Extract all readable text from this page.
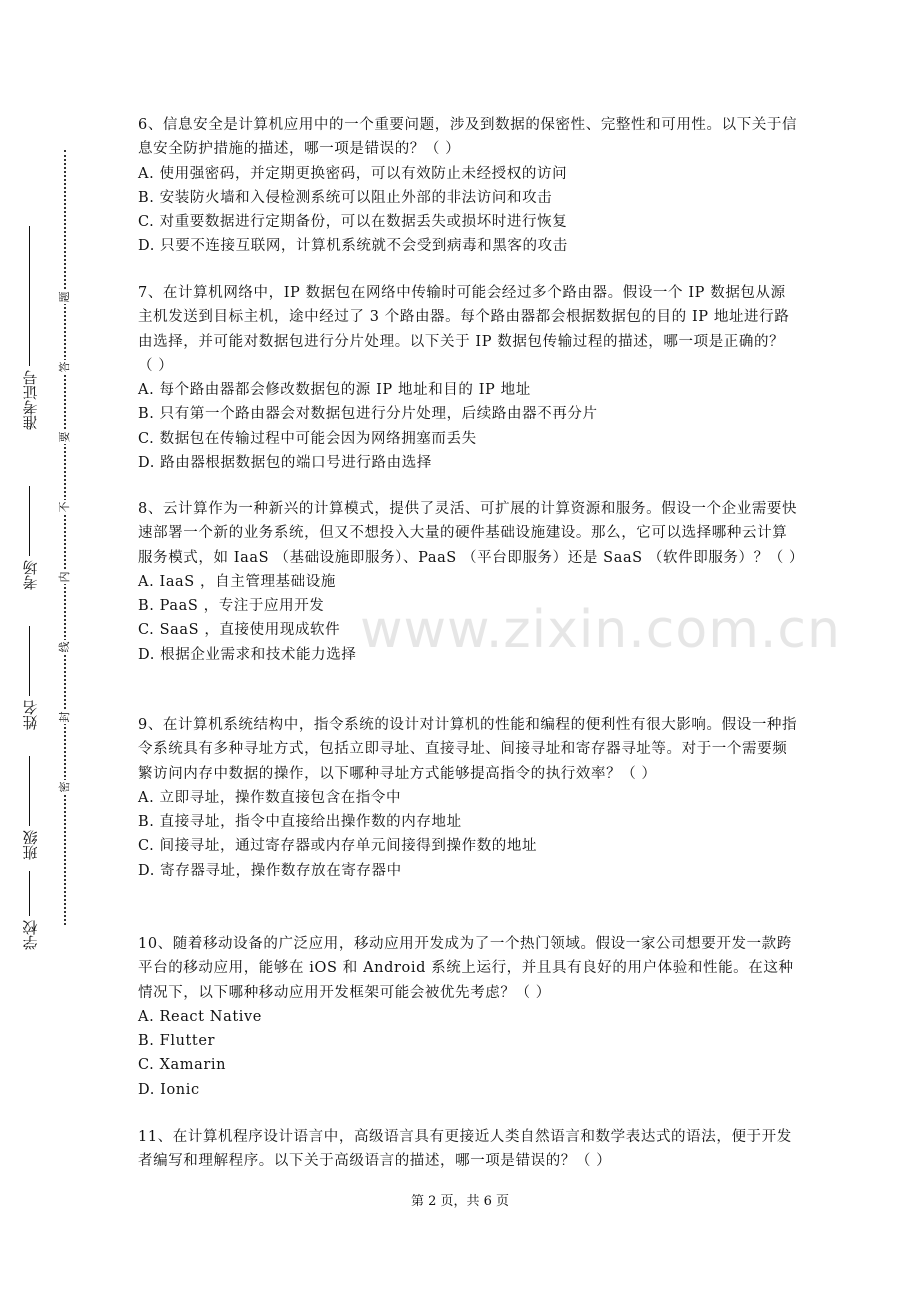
准考证号
考场
姓名
班级
学校
题
答
要
不
内
线
封
密
www.zixin.com.cn

6、信息安全是计算机应用中的一个重要问题，涉及到数据的保密性、完整性和可用性。以下关于信息安全防护措施的描述，哪一项是错误的？（ ）

A. 使用强密码，并定期更换密码，可以有效防止未经授权的访问

B. 安装防火墙和入侵检测系统可以阻止外部的非法访问和攻击

C. 对重要数据进行定期备份，可以在数据丢失或损坏时进行恢复

D. 只要不连接互联网，计算机系统就不会受到病毒和黑客的攻击

7、在计算机网络中，IP 数据包在网络中传输时可能会经过多个路由器。假设一个 IP 数据包从源主机发送到目标主机，途中经过了 3 个路由器。每个路由器都会根据数据包的目的 IP 地址进行路由选择，并可能对数据包进行分片处理。以下关于 IP 数据包传输过程的描述，哪一项是正确的？（ ）

A. 每个路由器都会修改数据包的源 IP 地址和目的 IP 地址

B. 只有第一个路由器会对数据包进行分片处理，后续路由器不再分片

C. 数据包在传输过程中可能会因为网络拥塞而丢失

D. 路由器根据数据包的端口号进行路由选择

8、云计算作为一种新兴的计算模式，提供了灵活、可扩展的计算资源和服务。假设一个企业需要快速部署一个新的业务系统，但又不想投入大量的硬件基础设施建设。那么，它可以选择哪种云计算服务模式，如 IaaS （基础设施即服务）、PaaS （平台即服务）还是 SaaS （软件即服务）？（ ）

A. IaaS ，自主管理基础设施

B. PaaS ，专注于应用开发

C. SaaS ，直接使用现成软件

D. 根据企业需求和技术能力选择

9、在计算机系统结构中，指令系统的设计对计算机的性能和编程的便利性有很大影响。假设一种指令系统具有多种寻址方式，包括立即寻址、直接寻址、间接寻址和寄存器寻址等。对于一个需要频繁访问内存中数据的操作，以下哪种寻址方式能够提高指令的执行效率？（ ）

A. 立即寻址，操作数直接包含在指令中

B. 直接寻址，指令中直接给出操作数的内存地址

C. 间接寻址，通过寄存器或内存单元间接得到操作数的地址

D. 寄存器寻址，操作数存放在寄存器中

10、随着移动设备的广泛应用，移动应用开发成为了一个热门领域。假设一家公司想要开发一款跨平台的移动应用，能够在 iOS 和 Android 系统上运行，并且具有良好的用户体验和性能。在这种情况下，以下哪种移动应用开发框架可能会被优先考虑？（ ）

A. React Native

B. Flutter

C. Xamarin

D. Ionic

11、在计算机程序设计语言中，高级语言具有更接近人类自然语言和数学表达式的语法，便于开发者编写和理解程序。以下关于高级语言的描述，哪一项是错误的？（ ）

第 2 页，共 6 页
